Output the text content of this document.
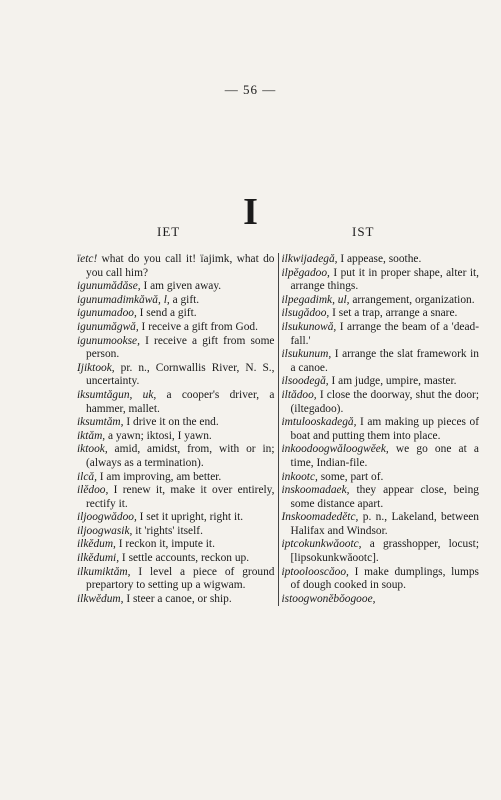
— 56 —
I
IET	IST

ïetc! what do you call it! ïajimk, what do you call him?

igunumădăse, I am given away.

igunumadimkăwă, l, a gift.

igunumadoo, I send a gift.

igunumăgwă, I receive a gift from God.

igunumookse, I receive a gift from some person.

Ijiktook, pr. n., Cornwallis River, N. S., uncertainty.

iksumtăgun, uk, a cooper's driver, a hammer, mallet.

iksumtăm, I drive it on the end.

iktăm, a yawn; iktosi, I yawn.

iktook, amid, amidst, from, with or in; (always as a termination).

ilcă, I am improving, am better.

ilĕdoo, I renew it, make it over entirely, rectify it.

iljoogwădoo, I set it upright, right it.

iljoogwasik, it 'rights' itself.

ilkĕdum, I reckon it, impute it.

ilkĕdumi, I settle accounts, reckon up.

ilkumiktăm, I level a piece of ground prepartory to setting up a wigwam.

ilkwĕdum, I steer a canoe, or ship.

ilkwijadegă, I appease, soothe.

ilpĕgadoo, I put it in proper shape, alter it, arrange things.

ilpegadimk, ul, arrangement, organization.

ilsugădoo, I set a trap, arrange a snare.

ilsukunowă, I arrange the beam of a 'dead-fall.'

ilsukunum, I arrange the slat framework in a canoe.

ilsoodegă, I am judge, umpire, master.

iltădoo, I close the doorway, shut the door; (iltegadoo).

imtulooskadegă, I am making up pieces of boat and putting them into place.

inkoodoogwăloogwĕek, we go one at a time, Indian-file.

inkootc, some, part of.

inskoomadaek, they appear close, being some distance apart.

Inskoomadedĕtc, p. n., Lakeland, between Halifax and Windsor.

iptcokunkwăootc, a grasshopper, locust; [lipsokunkwăootc].

iptoolooscăoo, I make dumplings, lumps of dough cooked in soup.

istoogwonĕbŏogooe,
